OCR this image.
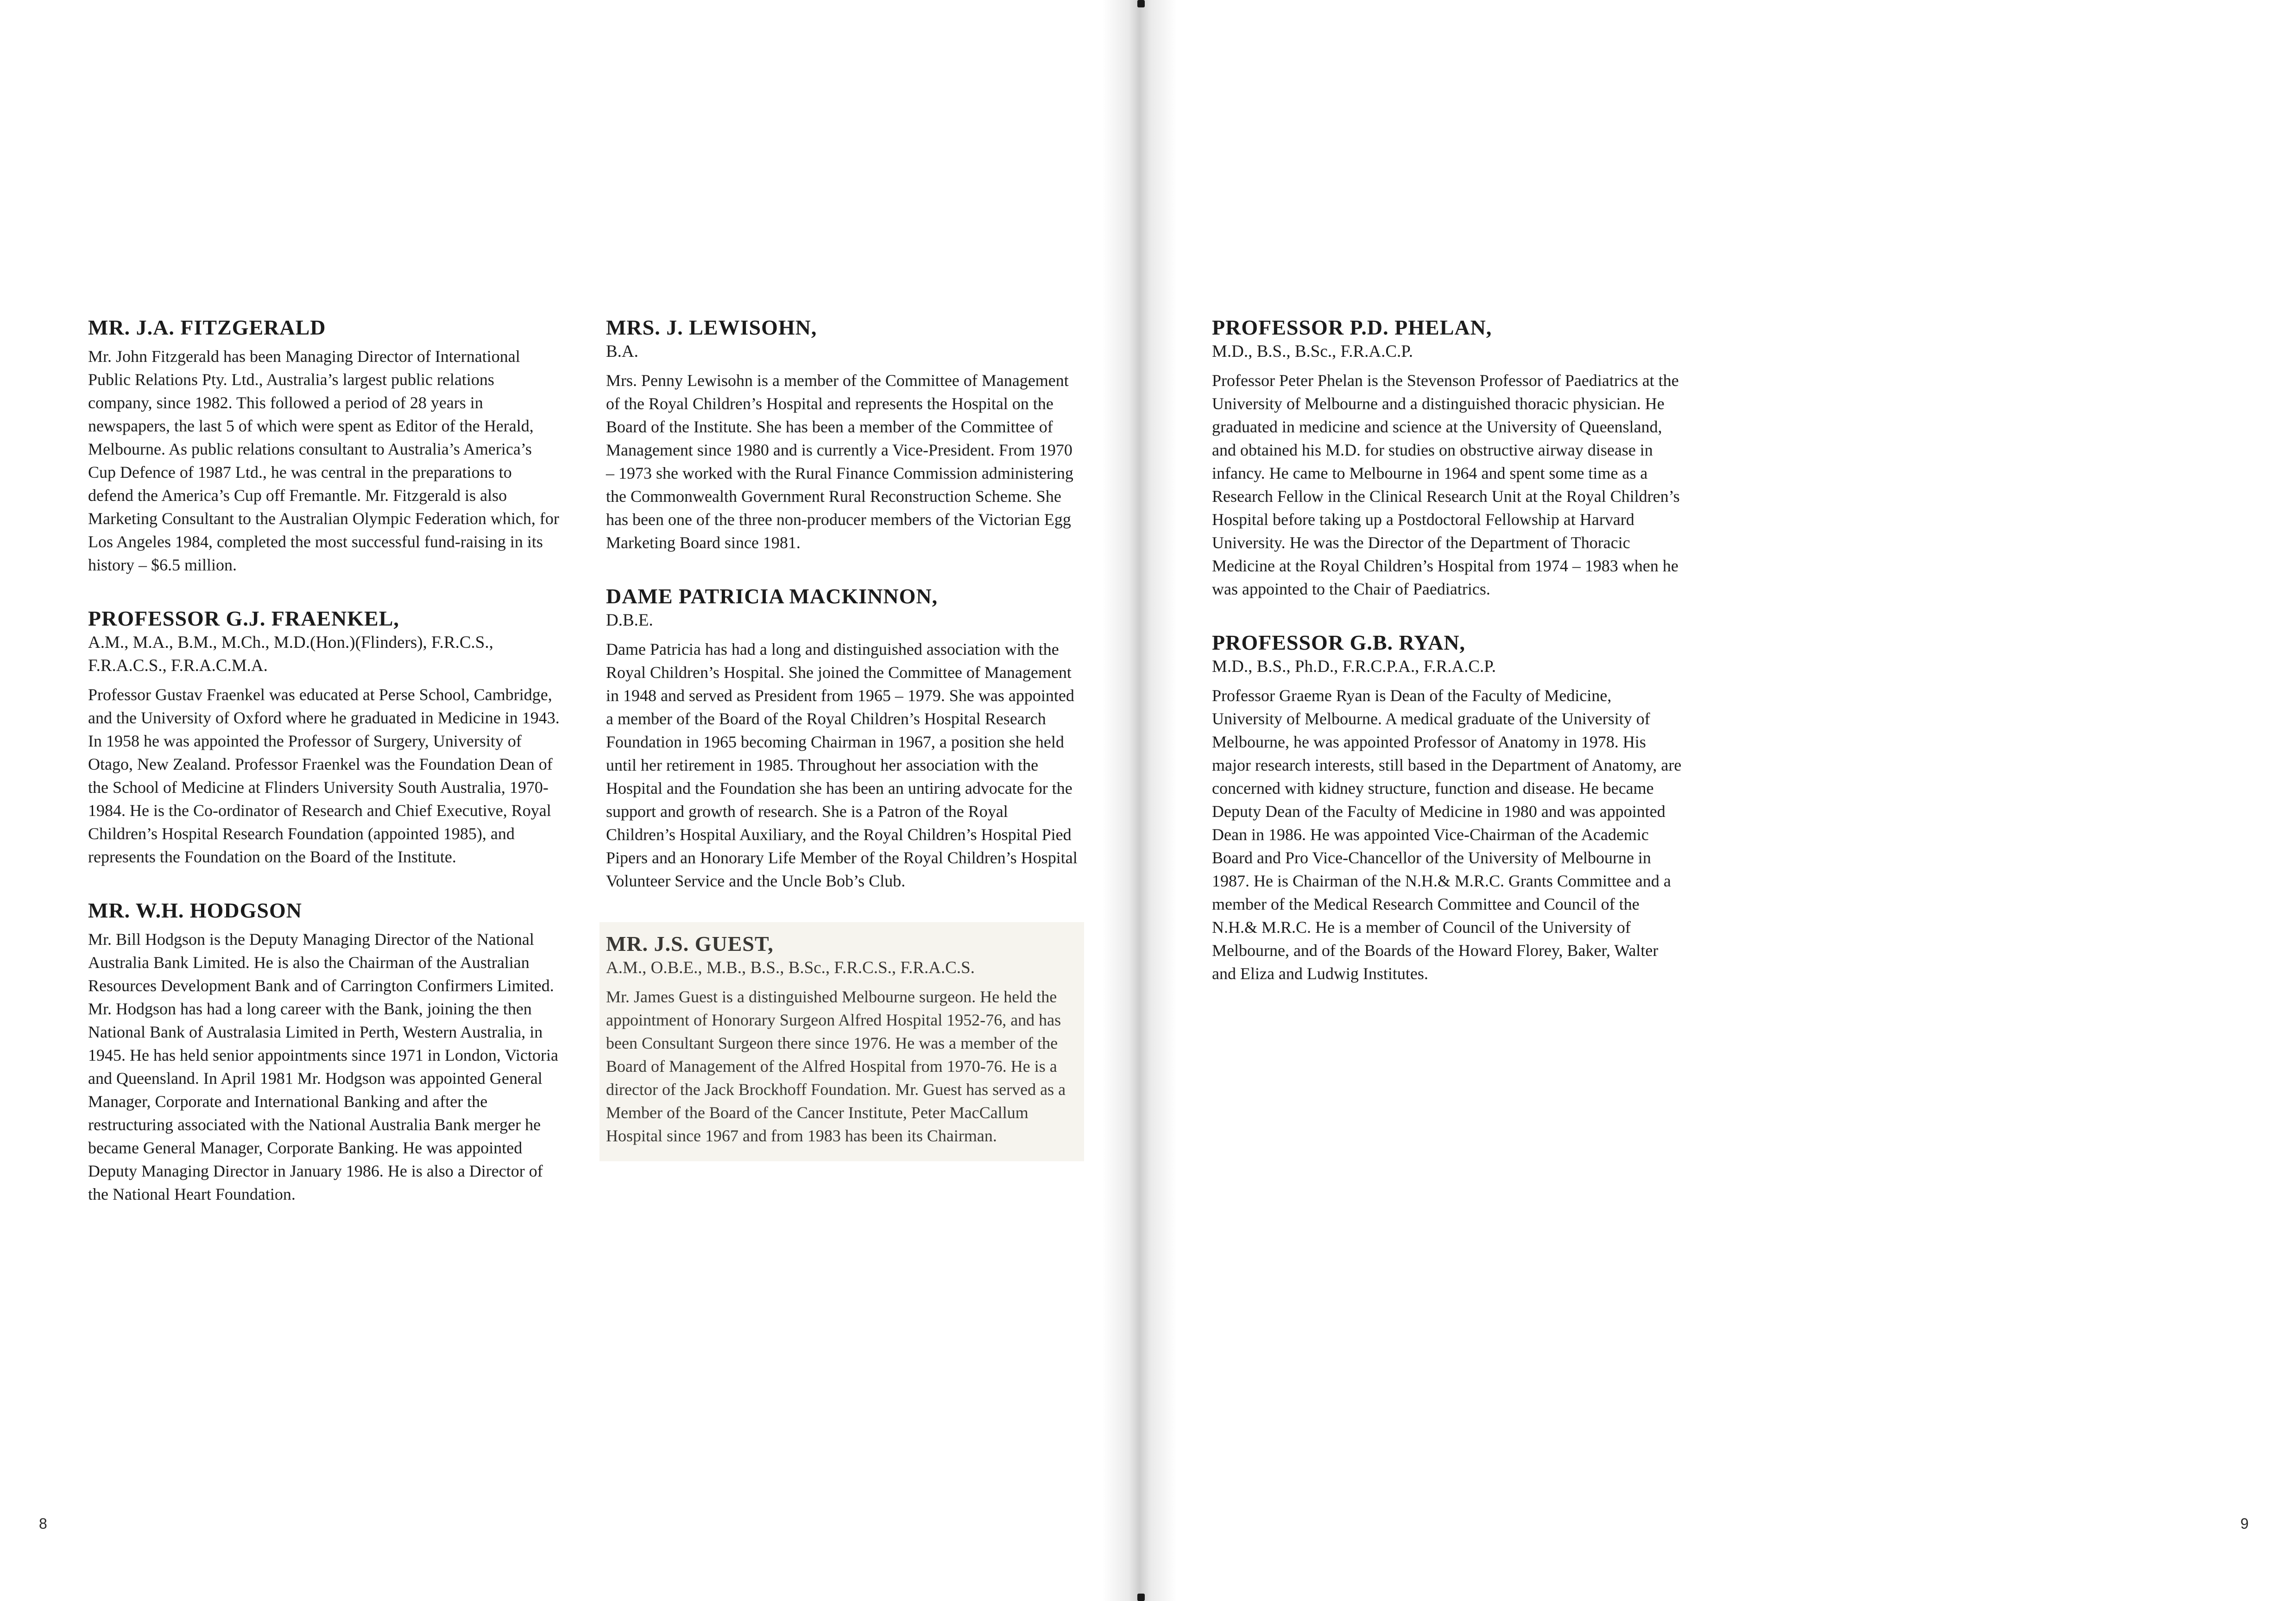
MR. J.A. FITZGERALD

Mr. John Fitzgerald has been Managing Director of International Public Relations Pty. Ltd., Australia’s largest public relations company, since 1982. This followed a period of 28 years in newspapers, the last 5 of which were spent as Editor of the Herald, Melbourne. As public relations consultant to Australia’s America’s Cup Defence of 1987 Ltd., he was central in the preparations to defend the America’s Cup off Fremantle. Mr. Fitzgerald is also Marketing Consultant to the Australian Olympic Federation which, for Los Angeles 1984, completed the most successful fund-raising in its history – $6.5 million.

PROFESSOR G.J. FRAENKEL,

A.M., M.A., B.M., M.Ch., M.D.(Hon.)(Flinders), F.R.C.S., F.R.A.C.S., F.R.A.C.M.A.

Professor Gustav Fraenkel was educated at Perse School, Cambridge, and the University of Oxford where he graduated in Medicine in 1943. In 1958 he was appointed the Professor of Surgery, University of Otago, New Zealand. Professor Fraenkel was the Foundation Dean of the School of Medicine at Flinders University South Australia, 1970-1984. He is the Co-ordinator of Research and Chief Executive, Royal Children’s Hospital Research Foundation (appointed 1985), and represents the Foundation on the Board of the Institute.

MR. W.H. HODGSON

Mr. Bill Hodgson is the Deputy Managing Director of the National Australia Bank Limited. He is also the Chairman of the Australian Resources Development Bank and of Carrington Confirmers Limited. Mr. Hodgson has had a long career with the Bank, joining the then National Bank of Australasia Limited in Perth, Western Australia, in 1945. He has held senior appointments since 1971 in London, Victoria and Queensland. In April 1981 Mr. Hodgson was appointed General Manager, Corporate and International Banking and after the restructuring associated with the National Australia Bank merger he became General Manager, Corporate Banking. He was appointed Deputy Managing Director in January 1986. He is also a Director of the National Heart Foundation.

MRS. J. LEWISOHN,

B.A.

Mrs. Penny Lewisohn is a member of the Committee of Management of the Royal Children’s Hospital and represents the Hospital on the Board of the Institute. She has been a member of the Committee of Management since 1980 and is currently a Vice-President. From 1970 – 1973 she worked with the Rural Finance Commission administering the Commonwealth Government Rural Reconstruction Scheme. She has been one of the three non-producer members of the Victorian Egg Marketing Board since 1981.

DAME PATRICIA MACKINNON,

D.B.E.

Dame Patricia has had a long and distinguished association with the Royal Children’s Hospital. She joined the Committee of Management in 1948 and served as President from 1965 – 1979. She was appointed a member of the Board of the Royal Children’s Hospital Research Foundation in 1965 becoming Chairman in 1967, a position she held until her retirement in 1985. Throughout her association with the Hospital and the Foundation she has been an untiring advocate for the support and growth of research. She is a Patron of the Royal Children’s Hospital Auxiliary, and the Royal Children’s Hospital Pied Pipers and an Honorary Life Member of the Royal Children’s Hospital Volunteer Service and the Uncle Bob’s Club.

MR. J.S. GUEST,

A.M., O.B.E., M.B., B.S., B.Sc., F.R.C.S., F.R.A.C.S.

Mr. James Guest is a distinguished Melbourne surgeon. He held the appointment of Honorary Surgeon Alfred Hospital 1952-76, and has been Consultant Surgeon there since 1976. He was a member of the Board of Management of the Alfred Hospital from 1970-76. He is a director of the Jack Brockhoff Foundation. Mr. Guest has served as a Member of the Board of the Cancer Institute, Peter MacCallum Hospital since 1967 and from 1983 has been its Chairman.

PROFESSOR P.D. PHELAN,

M.D., B.S., B.Sc., F.R.A.C.P.

Professor Peter Phelan is the Stevenson Professor of Paediatrics at the University of Melbourne and a distinguished thoracic physician. He graduated in medicine and science at the University of Queensland, and obtained his M.D. for studies on obstructive airway disease in infancy. He came to Melbourne in 1964 and spent some time as a Research Fellow in the Clinical Research Unit at the Royal Children’s Hospital before taking up a Postdoctoral Fellowship at Harvard University. He was the Director of the Department of Thoracic Medicine at the Royal Children’s Hospital from 1974 – 1983 when he was appointed to the Chair of Paediatrics.

PROFESSOR G.B. RYAN,

M.D., B.S., Ph.D., F.R.C.P.A., F.R.A.C.P.

Professor Graeme Ryan is Dean of the Faculty of Medicine, University of Melbourne. A medical graduate of the University of Melbourne, he was appointed Professor of Anatomy in 1978. His major research interests, still based in the Department of Anatomy, are concerned with kidney structure, function and disease. He became Deputy Dean of the Faculty of Medicine in 1980 and was appointed Dean in 1986. He was appointed Vice-Chairman of the Academic Board and Pro Vice-Chancellor of the University of Melbourne in 1987. He is Chairman of the N.H.& M.R.C. Grants Committee and a member of the Medical Research Committee and Council of the N.H.& M.R.C. He is a member of Council of the University of Melbourne, and of the Boards of the Howard Florey, Baker, Walter and Eliza and Ludwig Institutes.

8	9
